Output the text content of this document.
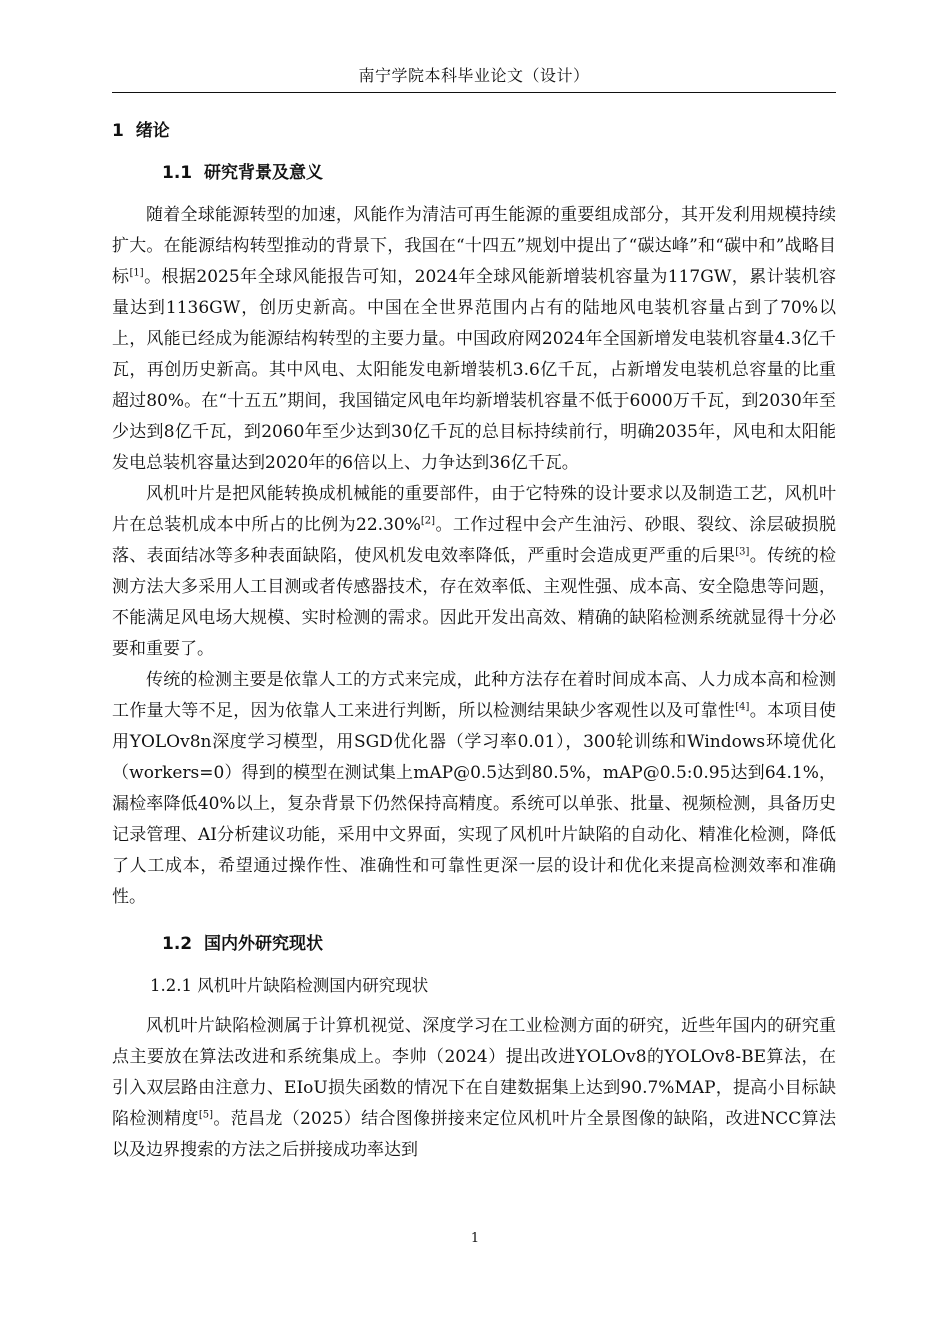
南宁学院本科毕业论文（设计）
1 绪论
1.1 研究背景及意义

随着全球能源转型的加速，风能作为清洁可再生能源的重要组成部分，其开发利用规模持续扩大。在能源结构转型推动的背景下，我国在“十四五”规划中提出了“碳达峰”和“碳中和”战略目标[1]。根据2025年全球风能报告可知，2024年全球风能新增装机容量为117GW，累计装机容量达到1136GW，创历史新高。中国在全世界范围内占有的陆地风电装机容量占到了70%以上，风能已经成为能源结构转型的主要力量。中国政府网2024年全国新增发电装机容量4.3亿千瓦，再创历史新高。其中风电、太阳能发电新增装机3.6亿千瓦，占新增发电装机总容量的比重超过80%。在“十五五”期间，我国锚定风电年均新增装机容量不低于6000万千瓦，到2030年至少达到8亿千瓦，到2060年至少达到30亿千瓦的总目标持续前行，明确2035年，风电和太阳能发电总装机容量达到2020年的6倍以上、力争达到36亿千瓦。

风机叶片是把风能转换成机械能的重要部件，由于它特殊的设计要求以及制造工艺，风机叶片在总装机成本中所占的比例为22.30%[2]。工作过程中会产生油污、砂眼、裂纹、涂层破损脱落、表面结冰等多种表面缺陷，使风机发电效率降低，严重时会造成更严重的后果[3]。传统的检测方法大多采用人工目测或者传感器技术，存在效率低、主观性强、成本高、安全隐患等问题，不能满足风电场大规模、实时检测的需求。因此开发出高效、精确的缺陷检测系统就显得十分必要和重要了。

传统的检测主要是依靠人工的方式来完成，此种方法存在着时间成本高、人力成本高和检测工作量大等不足，因为依靠人工来进行判断，所以检测结果缺少客观性以及可靠性[4]。本项目使用YOLOv8n深度学习模型，用SGD优化器（学习率0.01），300轮训练和Windows环境优化（workers=0）得到的模型在测试集上mAP@0.5达到80.5%，mAP@0.5:0.95达到64.1%，漏检率降低40%以上，复杂背景下仍然保持高精度。系统可以单张、批量、视频检测，具备历史记录管理、AI分析建议功能，采用中文界面，实现了风机叶片缺陷的自动化、精准化检测，降低了人工成本，希望通过操作性、准确性和可靠性更深一层的设计和优化来提高检测效率和准确性。

1.2 国内外研究现状
1.2.1 风机叶片缺陷检测国内研究现状

风机叶片缺陷检测属于计算机视觉、深度学习在工业检测方面的研究，近些年国内的研究重点主要放在算法改进和系统集成上。李帅（2024）提出改进YOLOv8的YOLOv8-BE算法，在引入双层路由注意力、EIoU损失函数的情况下在自建数据集上达到90.7%MAP，提高小目标缺陷检测精度[5]。范昌龙（2025）结合图像拼接来定位风机叶片全景图像的缺陷，改进NCC算法以及边界搜索的方法之后拼接成功率达到

1
